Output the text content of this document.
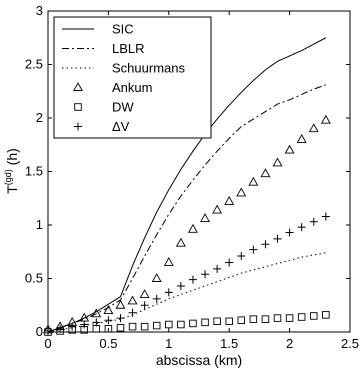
0	0.5	1	1.5	2	2.5
0
0.5
1
1.5
2
2.5
3
abscissa (km)
$T^{(gd)}$ (h)
SIC
LBLR
Schuurmans
Ankum
DW
ΔV
